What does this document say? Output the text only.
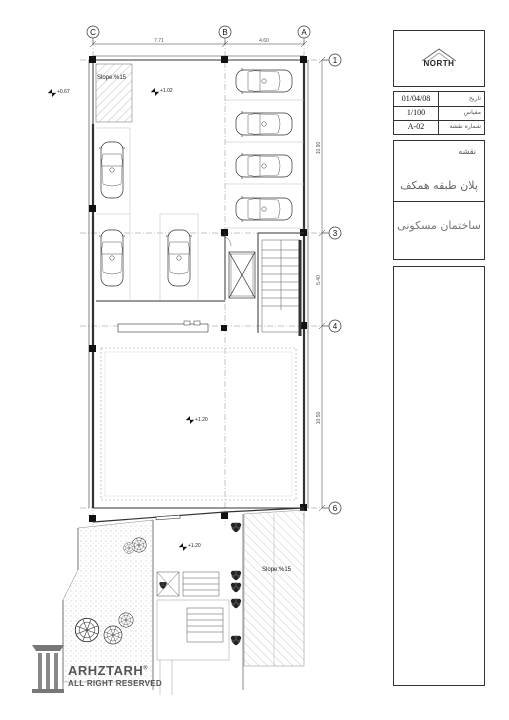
C	B	A
1
3
4
6
7.71	4.60
10.90
5.40
10.50
Slope:%15
Slope:%15
+0.67	+1.02
+1.20
+1.20
NORTH
01/04/08	تاریخ
1/100	مقیاس
A-02	شماره نقشه
نقشه
پلان طبقه همکف
ساختمان مسکونی
ARHZTARH®
ALL RIGHT RESERVED
